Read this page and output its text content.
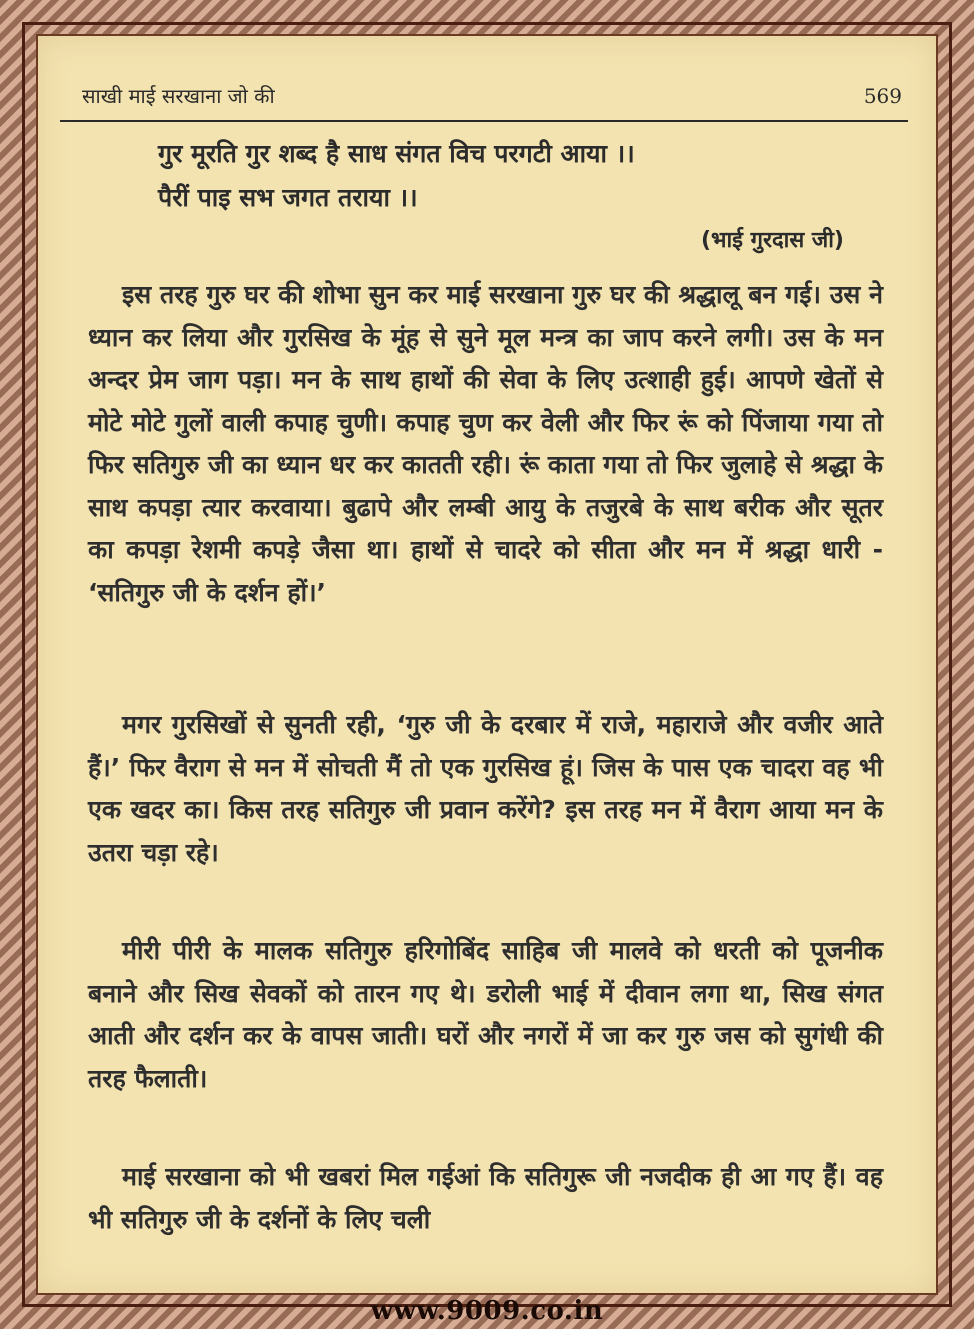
साखी माई सरखाना जो की	569
गुर मूरति गुर शब्द है साध संगत विच परगटी आया ।।
पैरीं पाइ सभ जगत तराया ।।
(भाई गुरदास जी)

इस तरह गुरु घर की शोभा सुन कर माई सरखाना गुरु घर की श्रद्धालू बन गई। उस ने ध्यान कर लिया और गुरसिख के मूंह से सुने मूल मन्त्र का जाप करने लगी। उस के मन अन्दर प्रेम जाग पड़ा। मन के साथ हाथों की सेवा के लिए उत्शाही हुई। आपणे खेतों से मोटे मोटे गुलों वाली कपाह चुणी। कपाह चुण कर वेली और फिर रूं को पिंजाया गया तो फिर सतिगुरु जी का ध्यान धर कर कातती रही। रूं काता गया तो फिर जुलाहे से श्रद्धा के साथ कपड़ा त्यार करवाया। बुढापे और लम्बी आयु के तजुरबे के साथ बरीक और सूतर का कपड़ा रेशमी कपड़े जैसा था। हाथों से चादरे को सीता और मन में श्रद्धा धारी - ‘सतिगुरु जी के दर्शन हों।’

मगर गुरसिखों से सुनती रही, ‘गुरु जी के दरबार में राजे, महाराजे और वजीर आते हैं।’ फिर वैराग से मन में सोचती मैं तो एक गुरसिख हूं। जिस के पास एक चादरा वह भी एक खदर का। किस तरह सतिगुरु जी प्रवान करेंगे? इस तरह मन में वैराग आया मन के उतरा चड़ा रहे।

मीरी पीरी के मालक सतिगुरु हरिगोबिंद साहिब जी मालवे को धरती को पूजनीक बनाने और सिख सेवकों को तारन गए थे। डरोली भाई में दीवान लगा था, सिख संगत आती और दर्शन कर के वापस जाती। घरों और नगरों में जा कर गुरु जस को सुगंधी की तरह फैलाती।

माई सरखाना को भी खबरां मिल गईआं कि सतिगुरू जी नजदीक ही आ गए हैं। वह भी सतिगुरु जी के दर्शनों के लिए चली

www.9009.co.in
